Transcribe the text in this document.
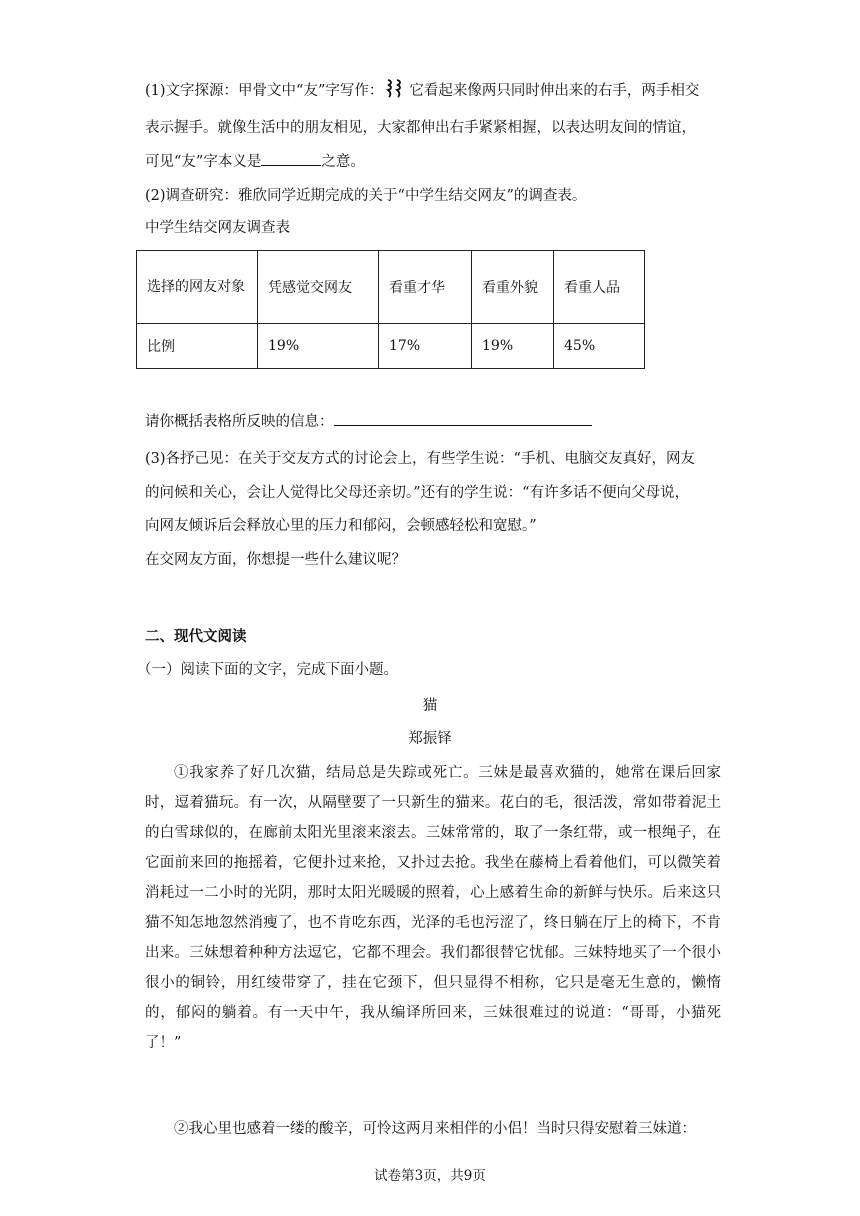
(1)文字探源：甲骨文中“友”字写作： 它看起来像两只同时伸出来的右手，两手相交
表示握手。就像生活中的朋友相见，大家都伸出右手紧紧相握，以表达明友间的情谊，
可见“友”字本义是	之意。
(2)调查研究：雅欣同学近期完成的关于“中学生结交网友”的调查表。
中学生结交网友调查表
选择的网友对象	凭感觉交网友	看重才华	看重外貌	看重人品
比例	19%	17%	19%	45%
请你概括表格所反映的信息：
(3)各抒己见：在关于交友方式的讨论会上，有些学生说：“手机、电脑交友真好，网友
的问候和关心，会让人觉得比父母还亲切。”还有的学生说：“有许多话不便向父母说，
向网友倾诉后会释放心里的压力和郁闷，会顿感轻松和宽慰。”
在交网友方面，你想提一些什么建议呢？
二、现代文阅读
（一）阅读下面的文字，完成下面小题。
猫
郑振铎
①我家养了好几次猫，结局总是失踪或死亡。三妹是最喜欢猫的，她常在课后回家时，逗着猫玩。有一次，从隔壁要了一只新生的猫来。花白的毛，很活泼，常如带着泥土的白雪球似的，在廊前太阳光里滚来滚去。三妹常常的，取了一条红带，或一根绳子，在它面前来回的拖摇着，它便扑过来抢，又扑过去抢。我坐在藤椅上看着他们，可以微笑着消耗过一二小时的光阴，那时太阳光暖暖的照着，心上感着生命的新鲜与快乐。后来这只猫不知怎地忽然消瘦了，也不肯吃东西，光泽的毛也污涩了，终日躺在厅上的椅下，不肯出来。三妹想着种种方法逗它，它都不理会。我们都很替它忧郁。三妹特地买了一个很小很小的铜铃，用红绫带穿了，挂在它颈下，但只显得不相称，它只是毫无生意的，懒惰的，郁闷的躺着。有一天中午，我从编译所回来，三妹很难过的说道：“哥哥，小猫死了！”
②我心里也感着一缕的酸辛，可怜这两月来相伴的小侣！当时只得安慰着三妹道：
试卷第3页，共9页
